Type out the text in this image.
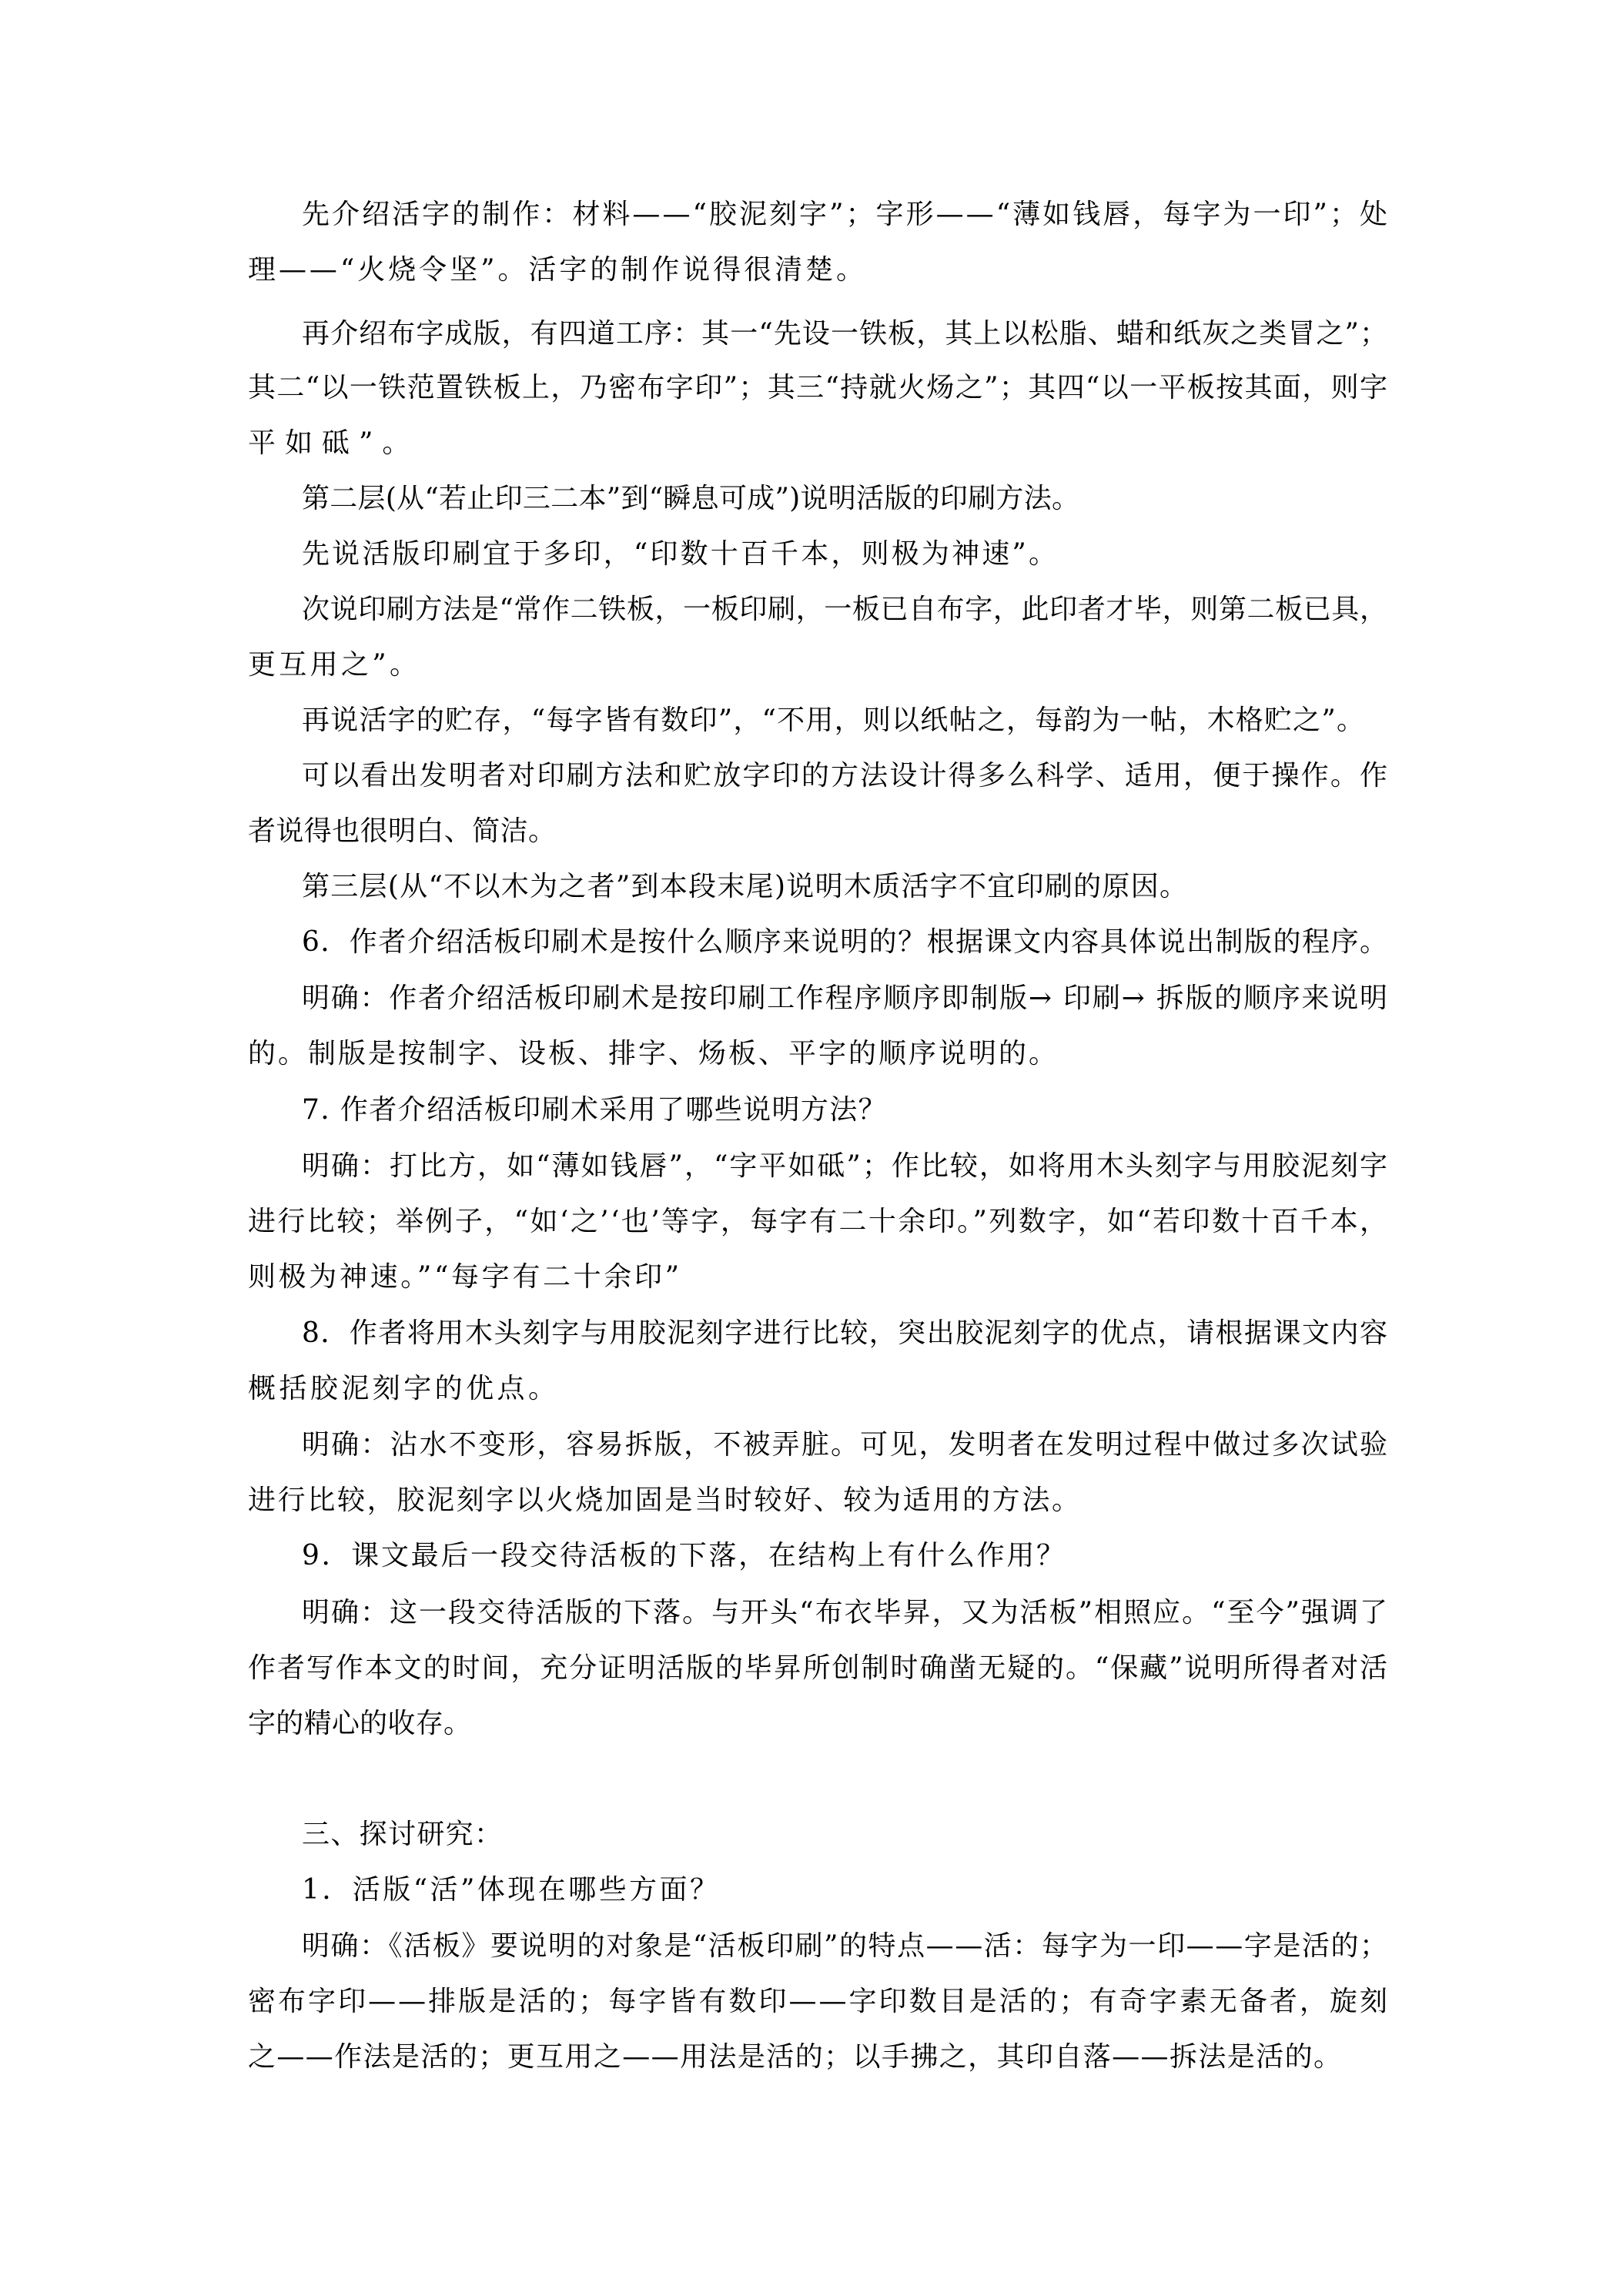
先介绍活字的制作：材料——“胶泥刻字”；字形——“薄如钱唇，每字为一印”；处
理——“火烧令坚”。活字的制作说得很清楚。
再介绍布字成版，有四道工序：其一“先设一铁板，其上以松脂、蜡和纸灰之类冒之”；
其二“以一铁范置铁板上，乃密布字印”；其三“持就火炀之”；其四“以一平板按其面，则字
平如砥”。
第二层(从“若止印三二本”到“瞬息可成”)说明活版的印刷方法。
先说活版印刷宜于多印，“印数十百千本，则极为神速”。
次说印刷方法是“常作二铁板，一板印刷，一板已自布字，此印者才毕，则第二板已具，
更互用之”。
再说活字的贮存，“每字皆有数印”，“不用，则以纸帖之，每韵为一帖，木格贮之”。
可以看出发明者对印刷方法和贮放字印的方法设计得多么科学、适用，便于操作。作
者说得也很明白、简洁。
第三层(从“不以木为之者”到本段末尾)说明木质活字不宜印刷的原因。
6．作者介绍活板印刷术是按什么顺序来说明的？根据课文内容具体说出制版的程序。
明确：作者介绍活板印刷术是按印刷工作程序顺序即制版→ 印刷→ 拆版的顺序来说明
的。制版是按制字、设板、排字、炀板、平字的顺序说明的。
7. 作者介绍活板印刷术采用了哪些说明方法？
明确：打比方，如“薄如钱唇”，“字平如砥”；作比较，如将用木头刻字与用胶泥刻字
进行比较；举例子，“如‘之’‘也’等字，每字有二十余印。”列数字，如“若印数十百千本，
则极为神速。”“每字有二十余印”
8．作者将用木头刻字与用胶泥刻字进行比较，突出胶泥刻字的优点，请根据课文内容
概括胶泥刻字的优点。
明确：沾水不变形，容易拆版，不被弄脏。可见，发明者在发明过程中做过多次试验
进行比较，胶泥刻字以火烧加固是当时较好、较为适用的方法。
9．课文最后一段交待活板的下落，在结构上有什么作用？
明确：这一段交待活版的下落。与开头“布衣毕昇，又为活板”相照应。“至今”强调了
作者写作本文的时间，充分证明活版的毕昇所创制时确凿无疑的。“保藏”说明所得者对活
字的精心的收存。
三、探讨研究：
1．活版“活”体现在哪些方面？
明确：《活板》要说明的对象是“活板印刷”的特点——活：每字为一印——字是活的；
密布字印——排版是活的；每字皆有数印——字印数目是活的；有奇字素无备者，旋刻
之——作法是活的；更互用之——用法是活的；以手拂之，其印自落——拆法是活的。
